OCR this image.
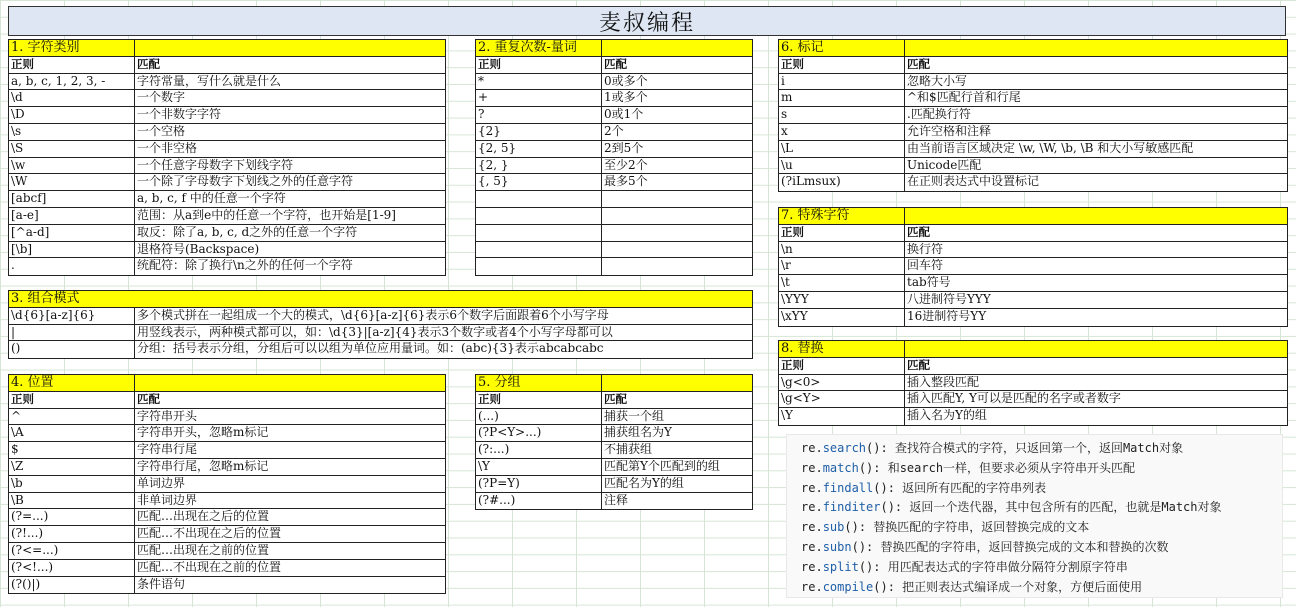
麦叔编程
1. 字符类别
正则	匹配
a, b, c, 1, 2, 3, -	字符常量，写什么就是什么
\d	一个数字
\D	一个非数字字符
\s	一个空格
\S	一个非空格
\w	一个任意字母数字下划线字符
\W	一个除了字母数字下划线之外的任意字符
[abcf]	a, b, c, f 中的任意一个字符
[a-e]	范围：从a到e中的任意一个字符，也开始是[1-9]
[^a-d]	取反：除了a, b, c, d之外的任意一个字符
[\b]	退格符号(Backspace)
.	统配符：除了换行\n之外的任何一个字符
2. 重复次数-量词
正则	匹配
*	0或多个
+	1或多个
?	0或1个
{2}	2个
{2, 5}	2到5个
{2, }	至少2个
{, 5}	最多5个
3. 组合模式
\d{6}[a-z]{6}	多个模式拼在一起组成一个大的模式，\d{6}[a-z]{6}表示6个数字后面跟着6个小写字母
|	用竖线表示，两种模式都可以，如：\d{3}|[a-z]{4}表示3个数字或者4个小写字母都可以
()	分组：括号表示分组，分组后可以以组为单位应用量词。如：(abc){3}表示abcabcabc
4. 位置
正则	匹配
^	字符串开头
\A	字符串开头，忽略m标记
$	字符串行尾
\Z	字符串行尾，忽略m标记
\b	单词边界
\B	非单词边界
(?=...)	匹配…出现在之后的位置
(?!...)	匹配…不出现在之后的位置
(?<=...)	匹配…出现在之前的位置
(?<!...)	匹配…不出现在之前的位置
(?()|)	条件语句
5. 分组
正则	匹配
(...)	捕获一个组
(?P<Y>...)	捕获组名为Y
(?:...)	不捕获组
\Y	匹配第Y个匹配到的组
(?P=Y)	匹配名为Y的组
(?#...)	注释
6. 标记
正则	匹配
i	忽略大小写
m	^和$匹配行首和行尾
s	.匹配换行符
x	允许空格和注释
\L	由当前语言区域决定 \w, \W, \b, \B 和大小写敏感匹配
\u	Unicode匹配
(?iLmsux)	在正则表达式中设置标记
7. 特殊字符
正则	匹配
\n	换行符
\r	回车符
\t	tab符号
\YYY	八进制符号YYY
\xYY	16进制符号YY
8. 替换
正则	匹配
\g<0>	插入整段匹配
\g<Y>	插入匹配Y, Y可以是匹配的名字或者数字
\Y	插入名为Y的组
re.search(): 查找符合模式的字符，只返回第一个，返回Match对象
re.match(): 和search一样，但要求必须从字符串开头匹配
re.findall(): 返回所有匹配的字符串列表
re.finditer(): 返回一个迭代器，其中包含所有的匹配，也就是Match对象
re.sub(): 替换匹配的字符串，返回替换完成的文本
re.subn(): 替换匹配的字符串，返回替换完成的文本和替换的次数
re.split(): 用匹配表达式的字符串做分隔符分割原字符串
re.compile(): 把正则表达式编译成一个对象，方便后面使用
